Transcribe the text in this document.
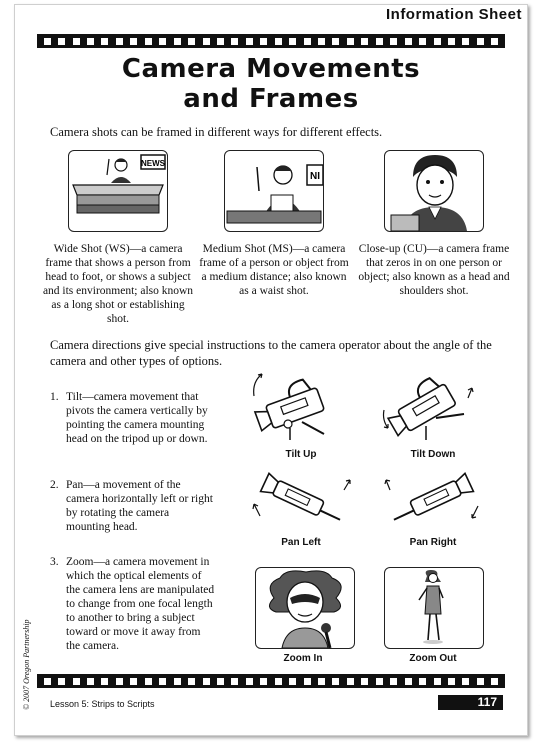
Information Sheet
Camera Movements
and Frames
Camera shots can be framed in different ways for different effects.
NEWS
Wide Shot (WS)—a camera frame that shows a person from head to foot, or shows a subject and its environment; also known as a long shot or establishing shot.
NI
Medium Shot (MS)—a camera frame of a person or object from a medium distance; also known as a waist shot.
Close-up (CU)—a camera frame that zeros in on one person or object; also known as a head and shoulders shot.
Camera directions give special instructions to the camera operator about the angle of the camera and other types of options.
1. Tilt—camera movement that pivots the camera vertically by pointing the camera mounting head on the tripod up or down.
Tilt Up	Tilt Down
2. Pan—a movement of the camera horizontally left or right by rotating the camera mounting head.
Pan Left	Pan Right
3. Zoom—a camera movement in which the optical elements of the camera lens are manipulated to change from one focal length to another to bring a subject toward or move it away from the camera.
Zoom In	Zoom Out
© 2007 Oregon Partnership Lesson 5: Strips to Scripts	117
